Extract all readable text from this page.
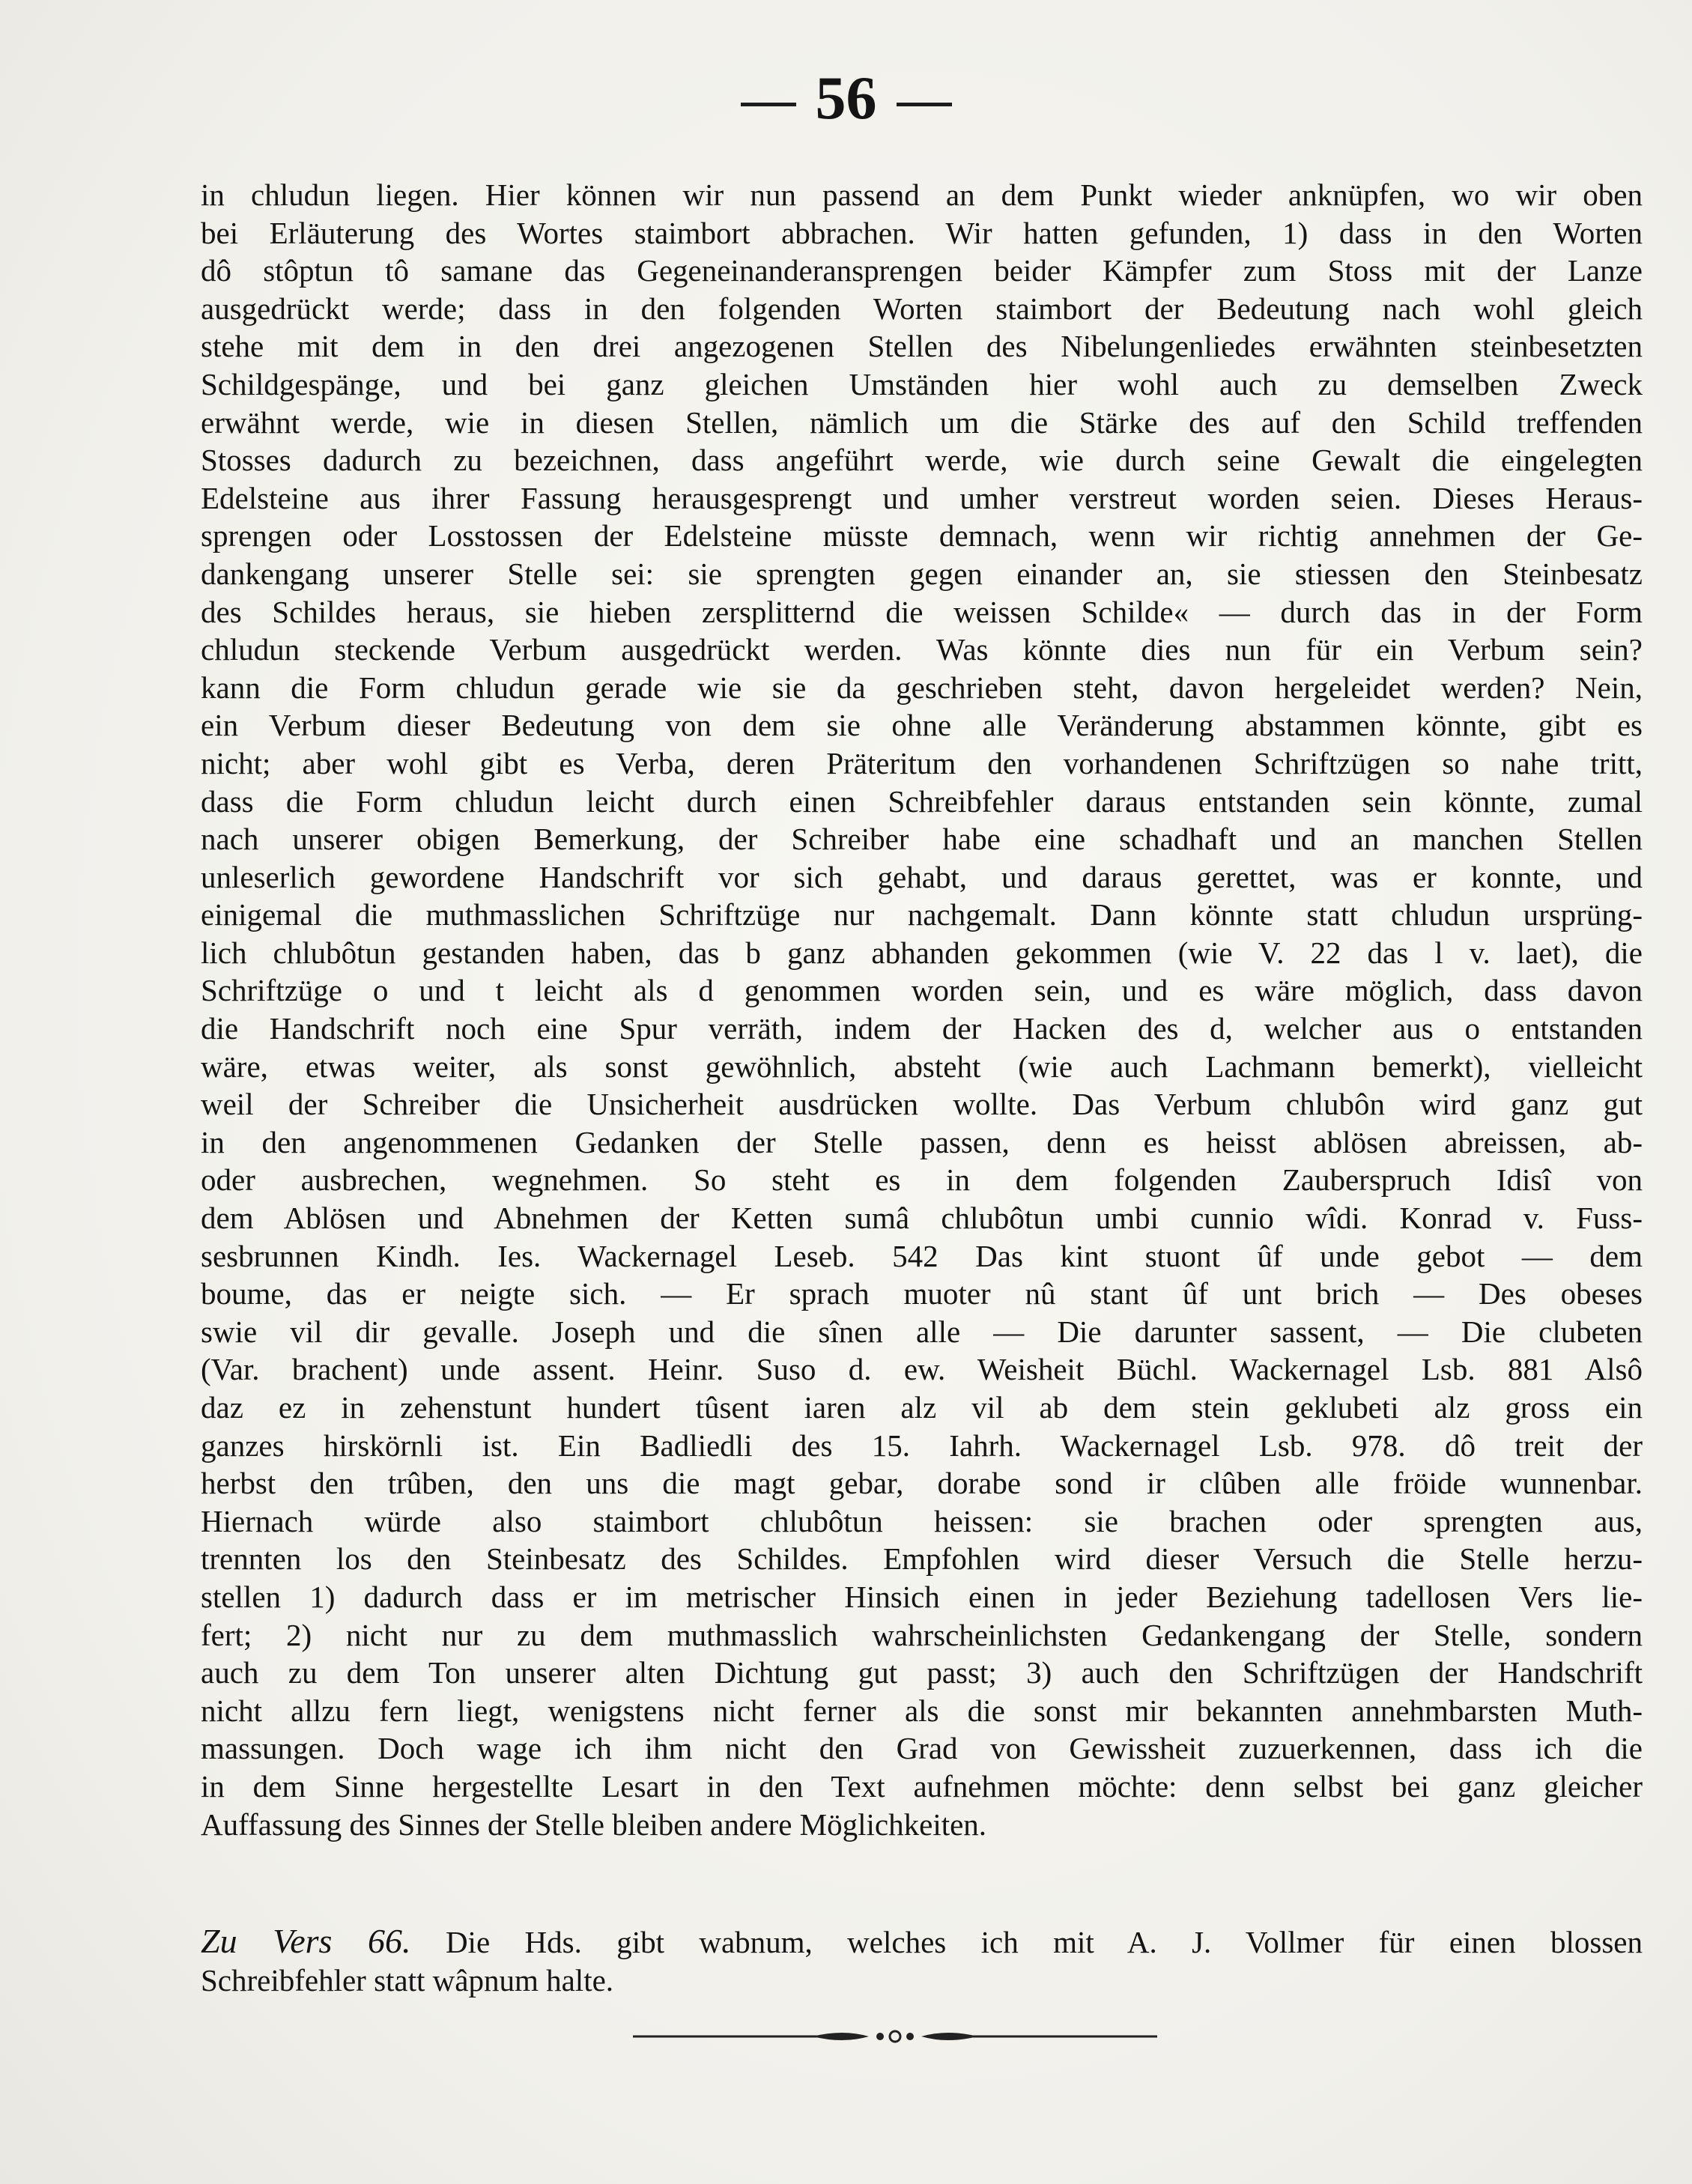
56
in chludun liegen. Hier können wir nun passend an dem Punkt wieder anknüpfen, wo wir oben
bei Erläuterung des Wortes staimbort abbrachen. Wir hatten gefunden, 1) dass in den Worten
dô stôptun tô samane das Gegeneinanderansprengen beider Kämpfer zum Stoss mit der Lanze
ausgedrückt werde; dass in den folgenden Worten staimbort der Bedeutung nach wohl gleich
stehe mit dem in den drei angezogenen Stellen des Nibelungenliedes erwähnten steinbesetzten
Schildgespänge, und bei ganz gleichen Umständen hier wohl auch zu demselben Zweck
erwähnt werde, wie in diesen Stellen, nämlich um die Stärke des auf den Schild treffenden
Stosses dadurch zu bezeichnen, dass angeführt werde, wie durch seine Gewalt die eingelegten
Edelsteine aus ihrer Fassung herausgesprengt und umher verstreut worden seien. Dieses Heraus-
sprengen oder Losstossen der Edelsteine müsste demnach, wenn wir richtig annehmen der Ge-
dankengang unserer Stelle sei: sie sprengten gegen einander an, sie stiessen den Steinbesatz
des Schildes heraus, sie hieben zersplitternd die weissen Schilde« — durch das in der Form
chludun steckende Verbum ausgedrückt werden. Was könnte dies nun für ein Verbum sein?
kann die Form chludun gerade wie sie da geschrieben steht, davon hergeleidet werden? Nein,
ein Verbum dieser Bedeutung von dem sie ohne alle Veränderung abstammen könnte, gibt es
nicht; aber wohl gibt es Verba, deren Präteritum den vorhandenen Schriftzügen so nahe tritt,
dass die Form chludun leicht durch einen Schreibfehler daraus entstanden sein könnte, zumal
nach unserer obigen Bemerkung, der Schreiber habe eine schadhaft und an manchen Stellen
unleserlich gewordene Handschrift vor sich gehabt, und daraus gerettet, was er konnte, und
einigemal die muthmasslichen Schriftzüge nur nachgemalt. Dann könnte statt chludun ursprüng-
lich chlubôtun gestanden haben, das b ganz abhanden gekommen (wie V. 22 das l v. laet), die
Schriftzüge o und t leicht als d genommen worden sein, und es wäre möglich, dass davon
die Handschrift noch eine Spur verräth, indem der Hacken des d, welcher aus o entstanden
wäre, etwas weiter, als sonst gewöhnlich, absteht (wie auch Lachmann bemerkt), vielleicht
weil der Schreiber die Unsicherheit ausdrücken wollte. Das Verbum chlubôn wird ganz gut
in den angenommenen Gedanken der Stelle passen, denn es heisst ablösen abreissen, ab-
oder ausbrechen, wegnehmen. So steht es in dem folgenden Zauberspruch Idisî von
dem Ablösen und Abnehmen der Ketten sumâ chlubôtun umbi cunnio wîdi. Konrad v. Fuss-
sesbrunnen Kindh. Ies. Wackernagel Leseb. 542 Das kint stuont ûf unde gebot — dem
boume, das er neigte sich. — Er sprach muoter nû stant ûf unt brich — Des obeses
swie vil dir gevalle. Joseph und die sînen alle — Die darunter sassent, — Die clubeten
(Var. brachent) unde assent. Heinr. Suso d. ew. Weisheit Büchl. Wackernagel Lsb. 881 Alsô
daz ez in zehenstunt hundert tûsent iaren alz vil ab dem stein geklubeti alz gross ein
ganzes hirskörnli ist. Ein Badliedli des 15. Iahrh. Wackernagel Lsb. 978. dô treit der
herbst den trûben, den uns die magt gebar, dorabe sond ir clûben alle fröide wunnenbar.
Hiernach würde also staimbort chlubôtun heissen: sie brachen oder sprengten aus,
trennten los den Steinbesatz des Schildes. Empfohlen wird dieser Versuch die Stelle herzu-
stellen 1) dadurch dass er im metrischer Hinsich einen in jeder Beziehung tadellosen Vers lie-
fert; 2) nicht nur zu dem muthmasslich wahrscheinlichsten Gedankengang der Stelle, sondern
auch zu dem Ton unserer alten Dichtung gut passt; 3) auch den Schriftzügen der Handschrift
nicht allzu fern liegt, wenigstens nicht ferner als die sonst mir bekannten annehmbarsten Muth-
massungen. Doch wage ich ihm nicht den Grad von Gewissheit zuzuerkennen, dass ich die
in dem Sinne hergestellte Lesart in den Text aufnehmen möchte: denn selbst bei ganz gleicher
Auffassung des Sinnes der Stelle bleiben andere Möglichkeiten.
Zu Vers 66. Die Hds. gibt wabnum, welches ich mit A. J. Vollmer für einen blossen
Schreibfehler statt wâpnum halte.
